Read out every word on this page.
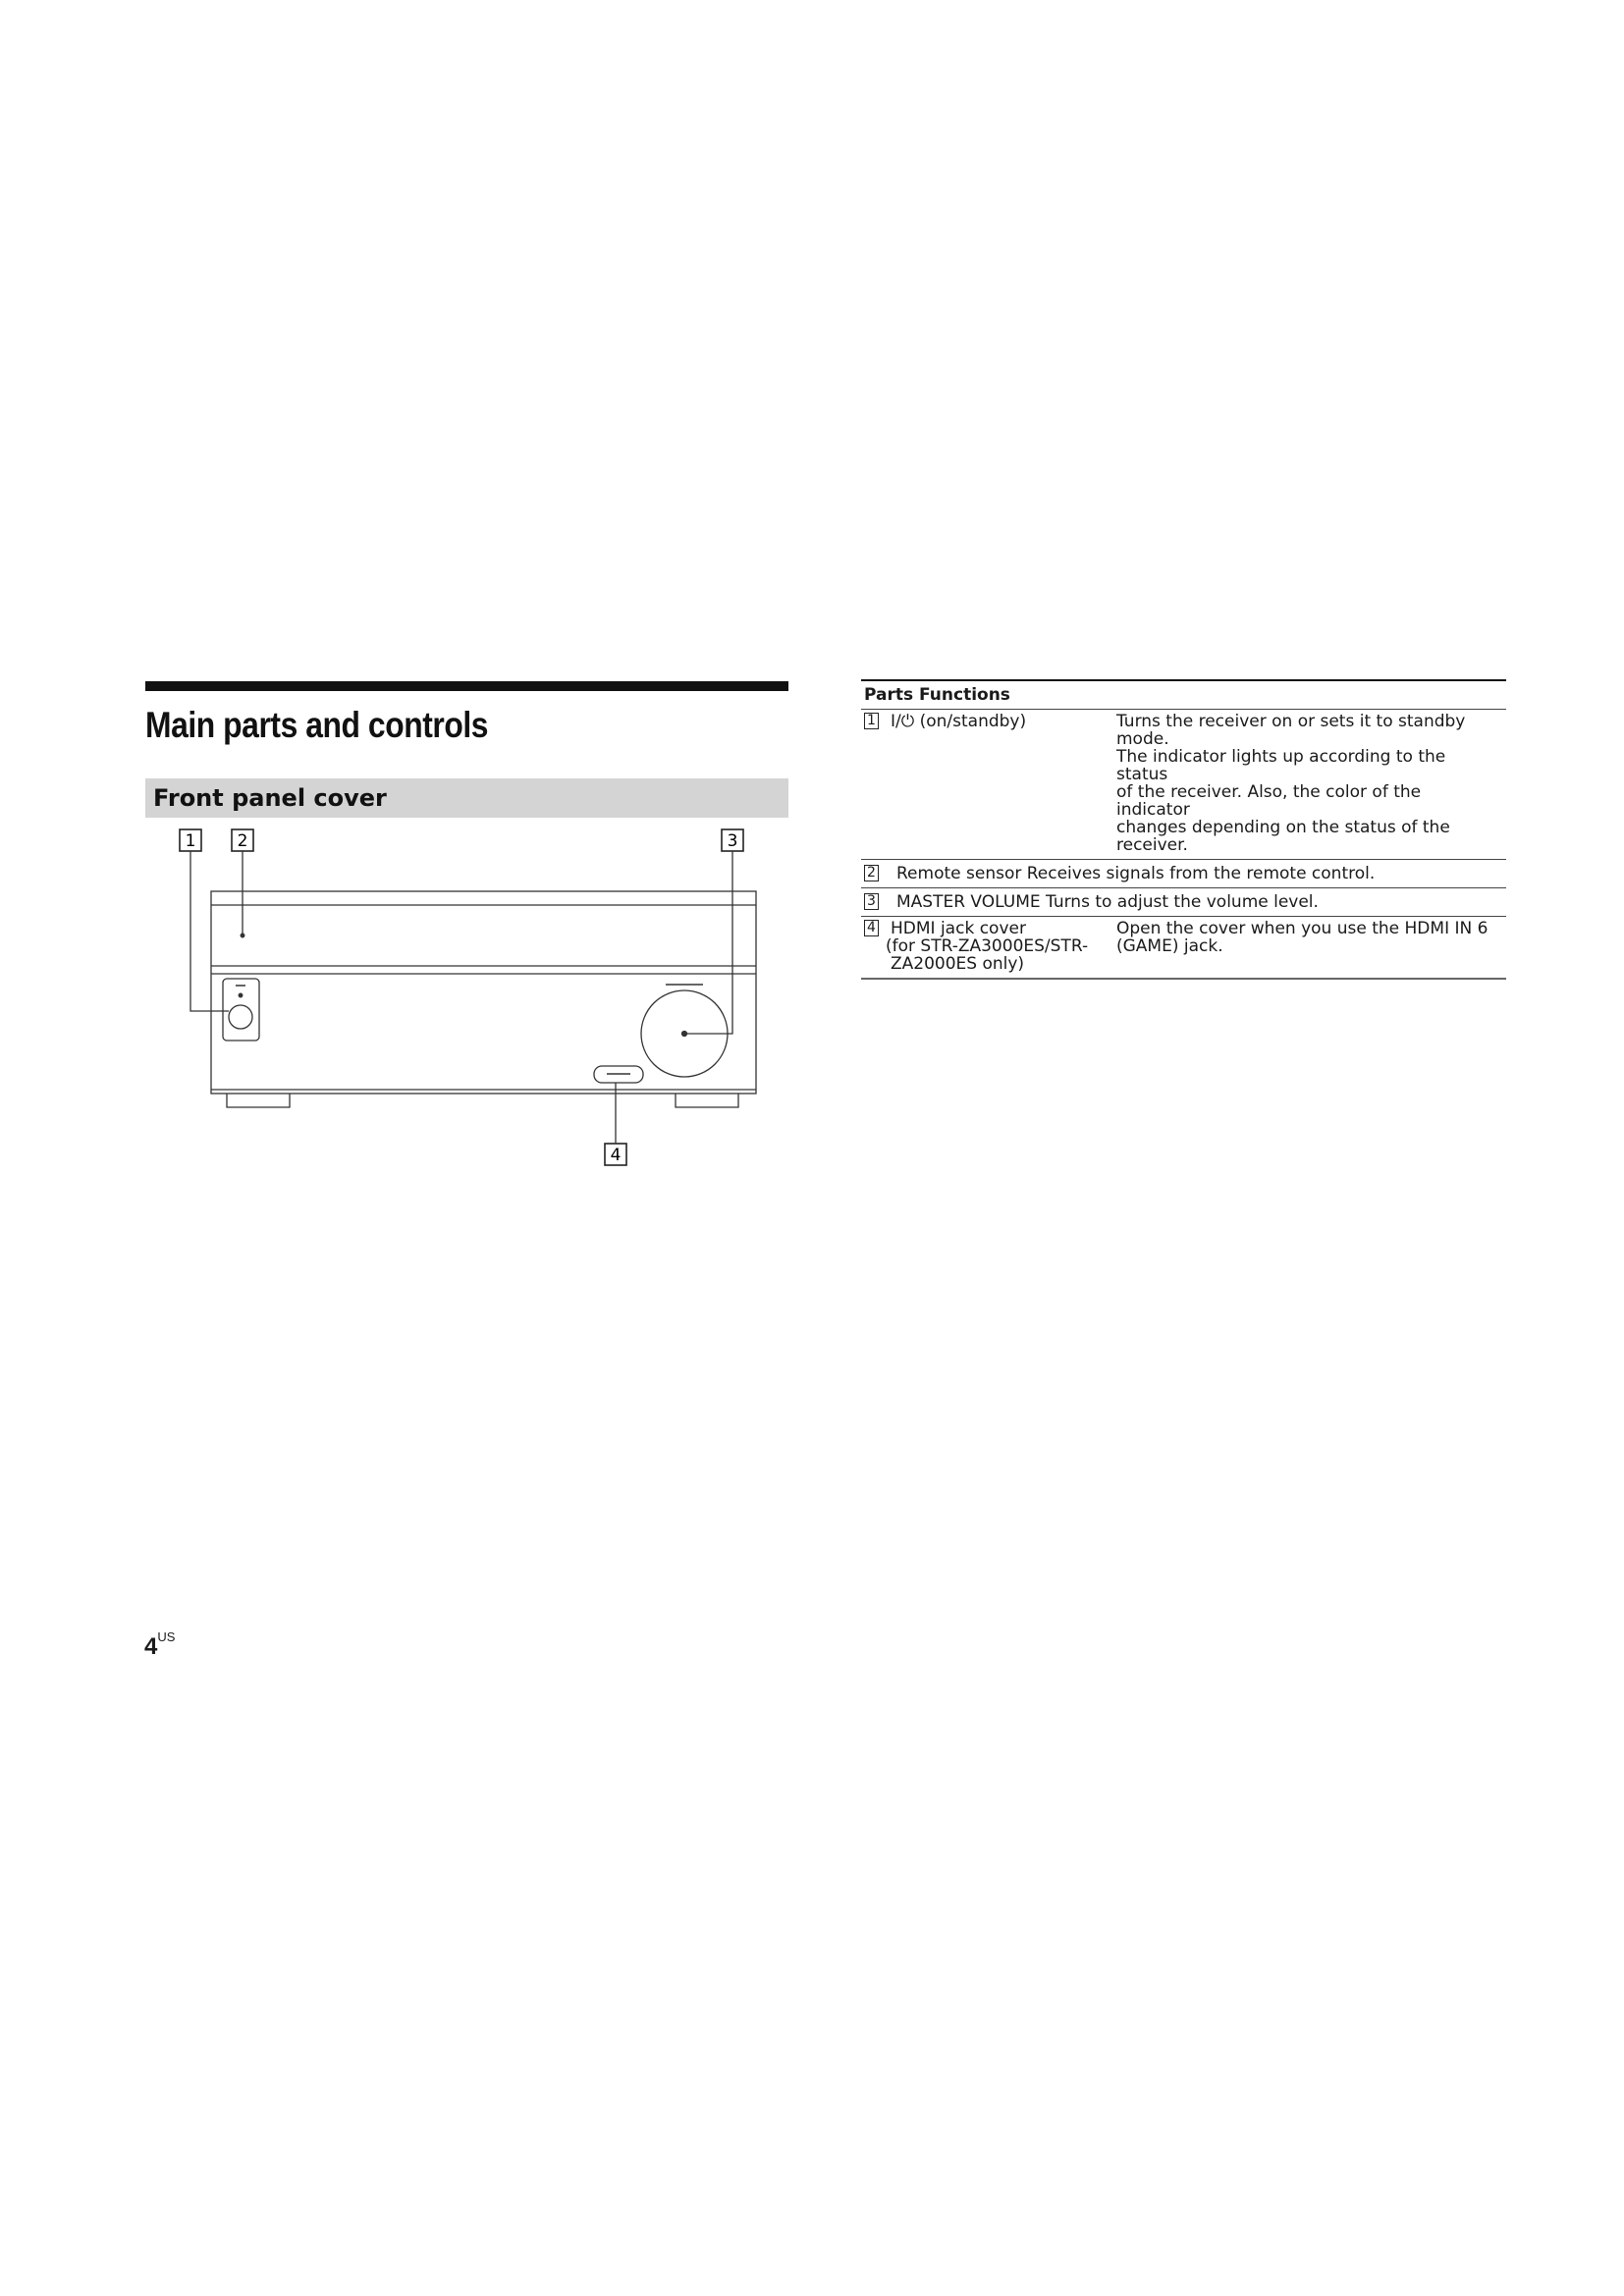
Main parts and controls
Front panel cover
1 2	3
4
Parts Functions
1 I/⏻ (on/standby)	Turns the receiver on or sets it to standby
mode.
The indicator lights up according to the status
of the receiver. Also, the color of the indicator
changes depending on the status of the
receiver.
2 Remote sensor Receives signals from the remote control.
3 MASTER VOLUME Turns to adjust the volume level.
4 HDMI jack cover
(for STR-ZA3000ES/STR-
ZA2000ES only)
Open the cover when you use the HDMI IN 6
(GAME) jack.
$4^{US}$
